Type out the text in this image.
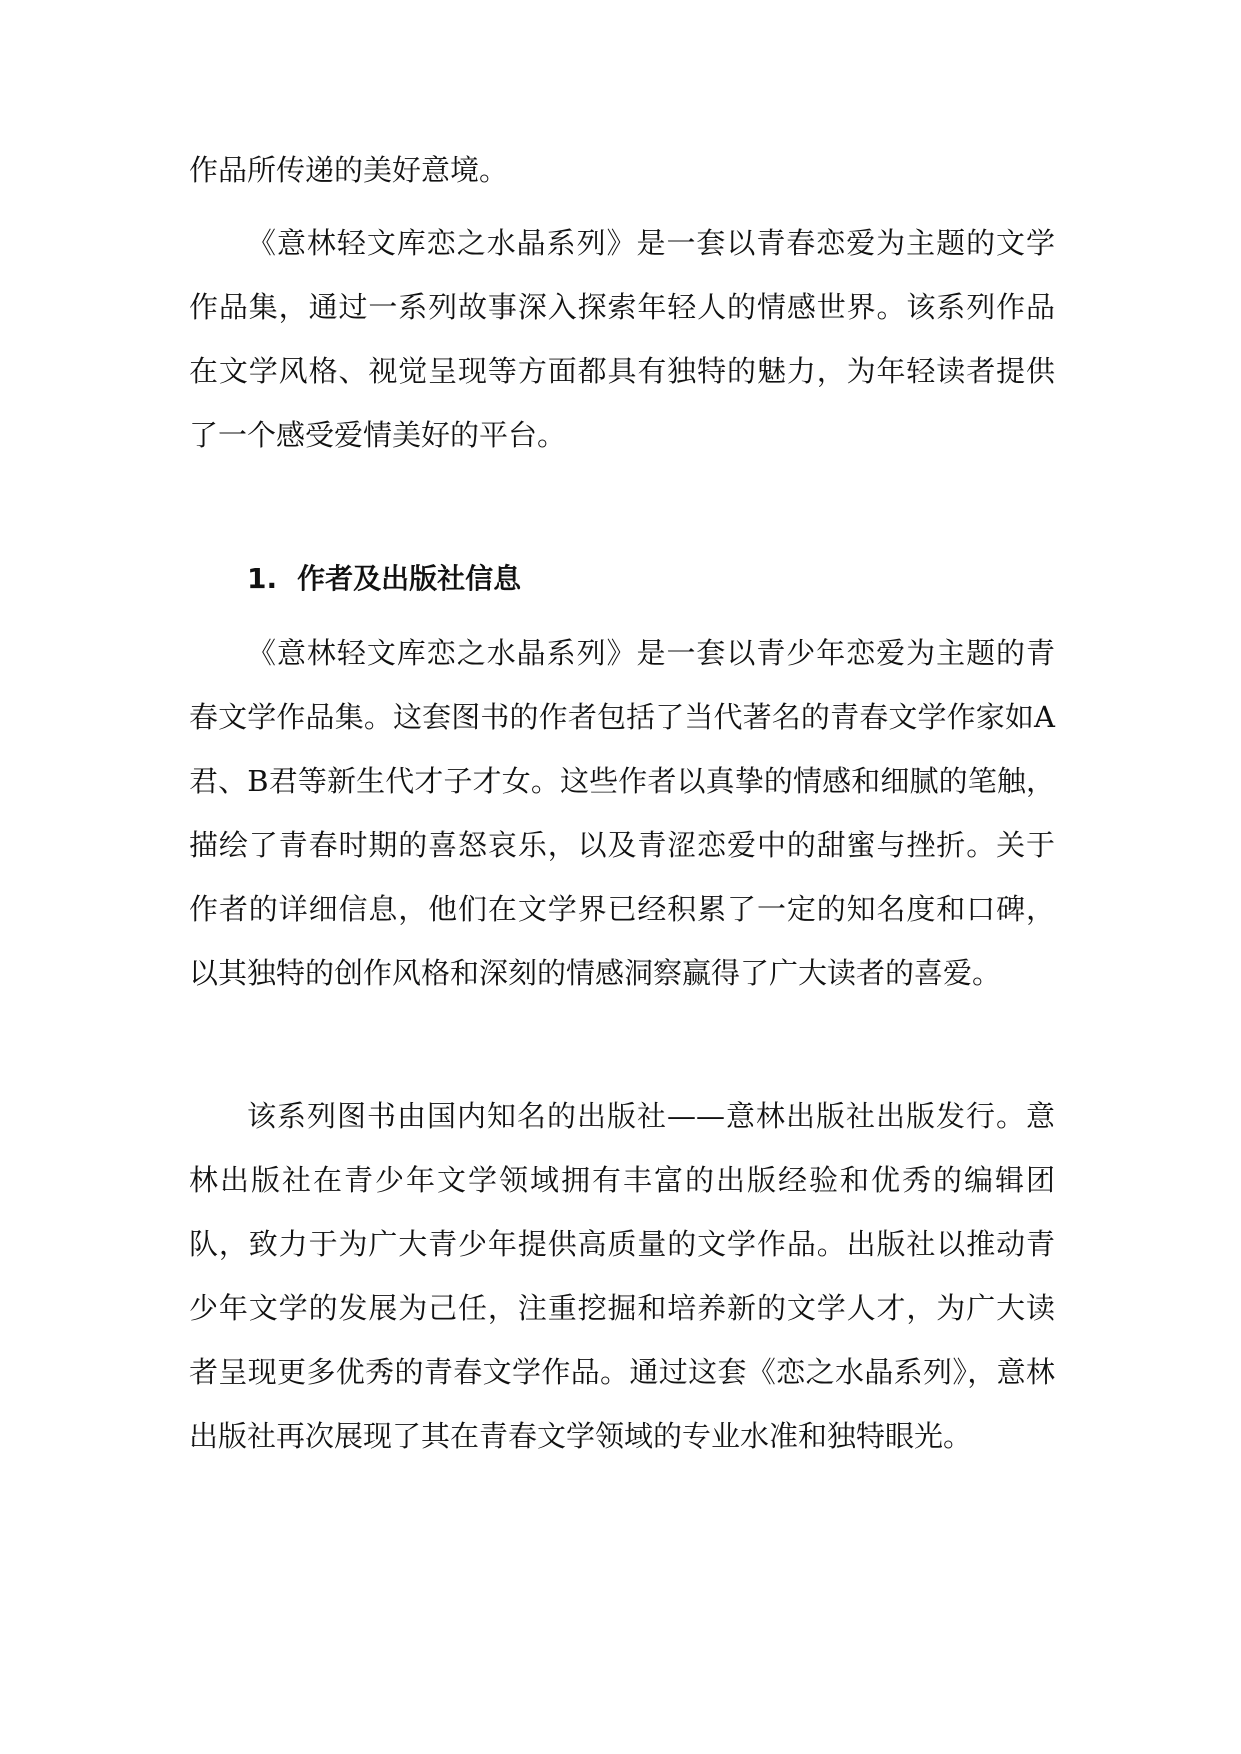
作品所传递的美好意境。

《意林轻文库恋之水晶系列》是一套以青春恋爱为主题的文学作品集，通过一系列故事深入探索年轻人的情感世界。该系列作品在文学风格、视觉呈现等方面都具有独特的魅力，为年轻读者提供了一个感受爱情美好的平台。

1. 作者及出版社信息

《意林轻文库恋之水晶系列》是一套以青少年恋爱为主题的青春文学作品集。这套图书的作者包括了当代著名的青春文学作家如A君、B君等新生代才子才女。这些作者以真挚的情感和细腻的笔触，描绘了青春时期的喜怒哀乐，以及青涩恋爱中的甜蜜与挫折。关于作者的详细信息，他们在文学界已经积累了一定的知名度和口碑，以其独特的创作风格和深刻的情感洞察赢得了广大读者的喜爱。

该系列图书由国内知名的出版社——意林出版社出版发行。意林出版社在青少年文学领域拥有丰富的出版经验和优秀的编辑团队，致力于为广大青少年提供高质量的文学作品。出版社以推动青少年文学的发展为己任，注重挖掘和培养新的文学人才，为广大读者呈现更多优秀的青春文学作品。通过这套《恋之水晶系列》，意林出版社再次展现了其在青春文学领域的专业水准和独特眼光。
